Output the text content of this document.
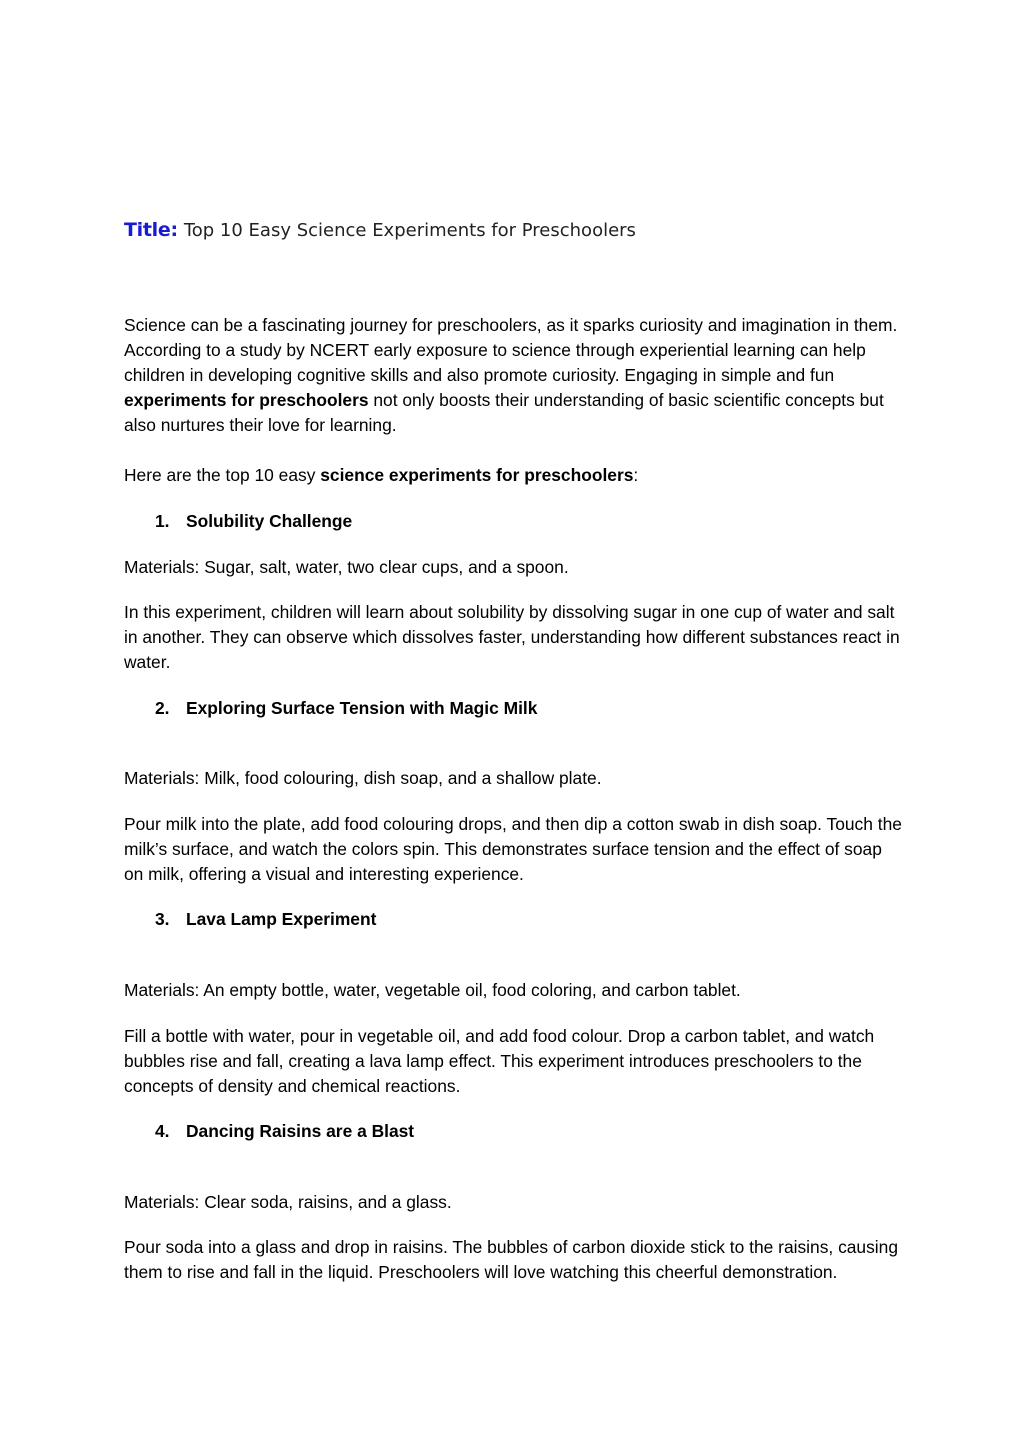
Title: Top 10 Easy Science Experiments for Preschoolers

Science can be a fascinating journey for preschoolers, as it sparks curiosity and imagination in them. According to a study by NCERT early exposure to science through experiential learning can help children in developing cognitive skills and also promote curiosity. Engaging in simple and fun experiments for preschoolers not only boosts their understanding of basic scientific concepts but also nurtures their love for learning.

Here are the top 10 easy science experiments for preschoolers:

1. Solubility Challenge

Materials: Sugar, salt, water, two clear cups, and a spoon.

In this experiment, children will learn about solubility by dissolving sugar in one cup of water and salt in another. They can observe which dissolves faster, understanding how different substances react in water.

2. Exploring Surface Tension with Magic Milk

Materials: Milk, food colouring, dish soap, and a shallow plate.

Pour milk into the plate, add food colouring drops, and then dip a cotton swab in dish soap. Touch the milk’s surface, and watch the colors spin. This demonstrates surface tension and the effect of soap on milk, offering a visual and interesting experience.

3. Lava Lamp Experiment

Materials: An empty bottle, water, vegetable oil, food coloring, and carbon tablet.

Fill a bottle with water, pour in vegetable oil, and add food colour. Drop a carbon tablet, and watch bubbles rise and fall, creating a lava lamp effect. This experiment introduces preschoolers to the concepts of density and chemical reactions.

4. Dancing Raisins are a Blast

Materials: Clear soda, raisins, and a glass.

Pour soda into a glass and drop in raisins. The bubbles of carbon dioxide stick to the raisins, causing them to rise and fall in the liquid. Preschoolers will love watching this cheerful demonstration.
